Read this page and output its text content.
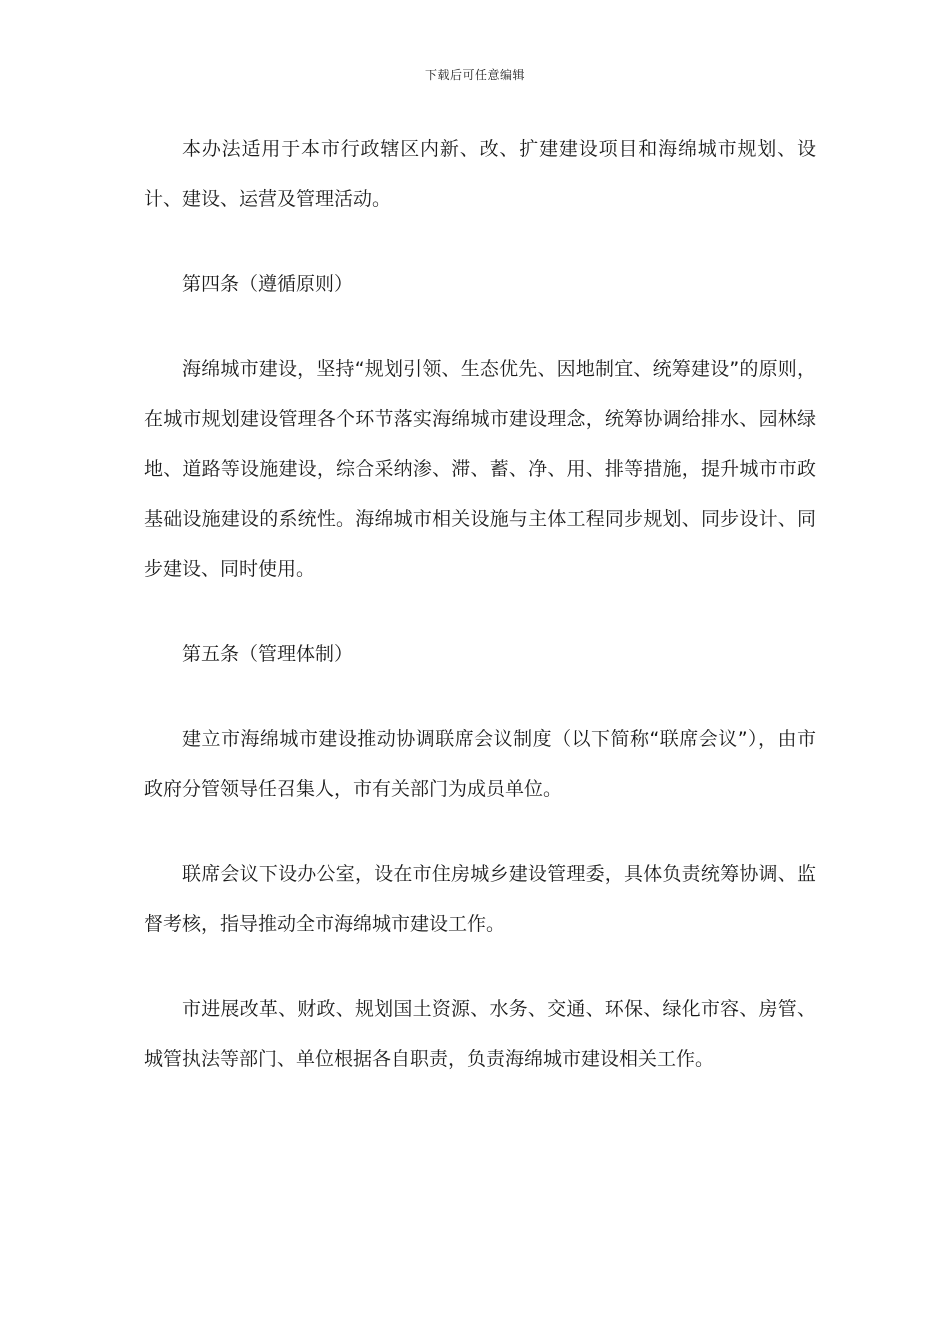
下载后可任意编辑

本办法适用于本市行政辖区内新、改、扩建建设项目和海绵城市规划、设计、建设、运营及管理活动。

第四条（遵循原则）

海绵城市建设，坚持“规划引领、生态优先、因地制宜、统筹建设”的原则，在城市规划建设管理各个环节落实海绵城市建设理念，统筹协调给排水、园林绿地、道路等设施建设，综合采纳渗、滞、蓄、净、用、排等措施，提升城市市政基础设施建设的系统性。海绵城市相关设施与主体工程同步规划、同步设计、同步建设、同时使用。

第五条（管理体制）

建立市海绵城市建设推动协调联席会议制度（以下简称“联席会议”），由市政府分管领导任召集人，市有关部门为成员单位。

联席会议下设办公室，设在市住房城乡建设管理委，具体负责统筹协调、监督考核，指导推动全市海绵城市建设工作。

市进展改革、财政、规划国土资源、水务、交通、环保、绿化市容、房管、城管执法等部门、单位根据各自职责，负责海绵城市建设相关工作。
